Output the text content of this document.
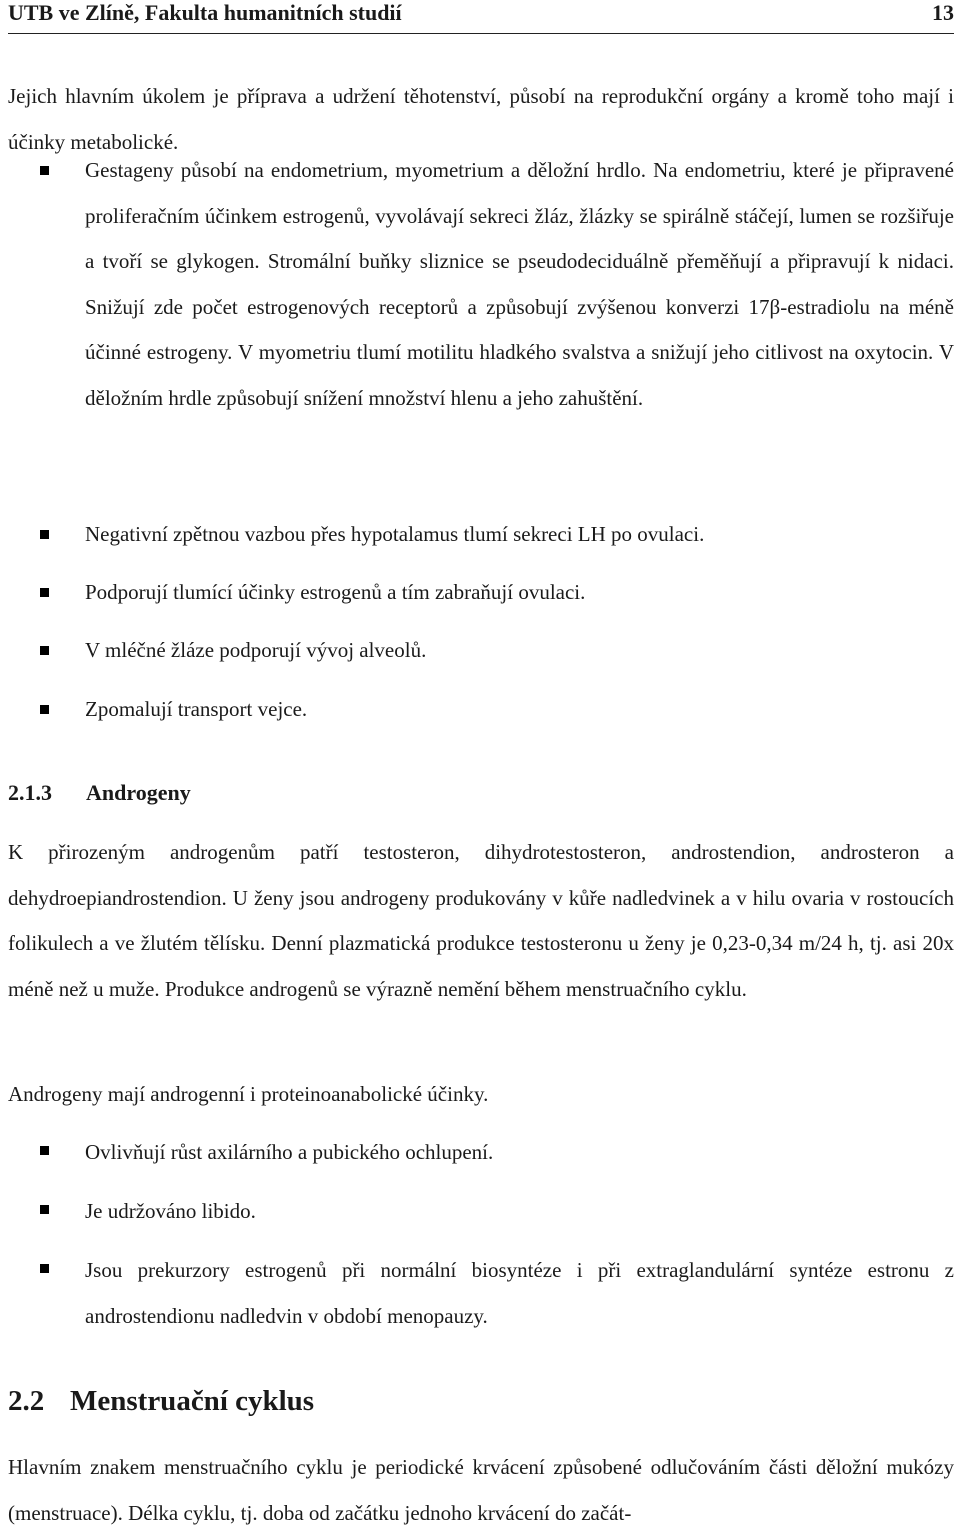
UTB ve Zlíně, Fakulta humanitních studií	13

Jejich hlavním úkolem je příprava a udržení těhotenství, působí na reprodukční orgány a kromě toho mají i účinky metabolické.

Gestageny působí na endometrium, myometrium a děložní hrdlo. Na endometriu, které je připravené proliferačním účinkem estrogenů, vyvolávají sekreci žláz, žlázky se spirálně stáčejí, lumen se rozšiřuje a tvoří se glykogen. Stromální buňky sliznice se pseudodeciduálně přeměňují a připravují k nidaci. Snižují zde počet estrogenových receptorů a způsobují zvýšenou konverzi 17β-estradiolu na méně účinné estrogeny. V myometriu tlumí motilitu hladkého svalstva a snižují jeho citlivost na oxytocin. V děložním hrdle způsobují snížení množství hlenu a jeho zahuštění.

Negativní zpětnou vazbou přes hypotalamus tlumí sekreci LH po ovulaci.

Podporují tlumící účinky estrogenů a tím zabraňují ovulaci.

V mléčné žláze podporují vývoj alveolů.

Zpomalují transport vejce.

2.1.3 Androgeny

K přirozeným androgenům patří testosteron, dihydrotestosteron, androstendion, androsteron a dehydroepiandrostendion. U ženy jsou androgeny produkovány v kůře nadledvinek a v hilu ovaria v rostoucích folikulech a ve žlutém tělísku. Denní plazmatická produkce testosteronu u ženy je 0,23-0,34 m/24 h, tj. asi 20x méně než u muže. Produkce androgenů se výrazně nemění během menstruačního cyklu.

Androgeny mají androgenní i proteinoanabolické účinky.

Ovlivňují růst axilárního a pubického ochlupení.

Je udržováno libido.

Jsou prekurzory estrogenů při normální biosyntéze i při extraglandulární syntéze estronu z androstendionu nadledvin v období menopauzy.

2.2 Menstruační cyklus

Hlavním znakem menstruačního cyklu je periodické krvácení způsobené odlučováním části děložní mukózy (menstruace). Délka cyklu, tj. doba od začátku jednoho krvácení do začát-
